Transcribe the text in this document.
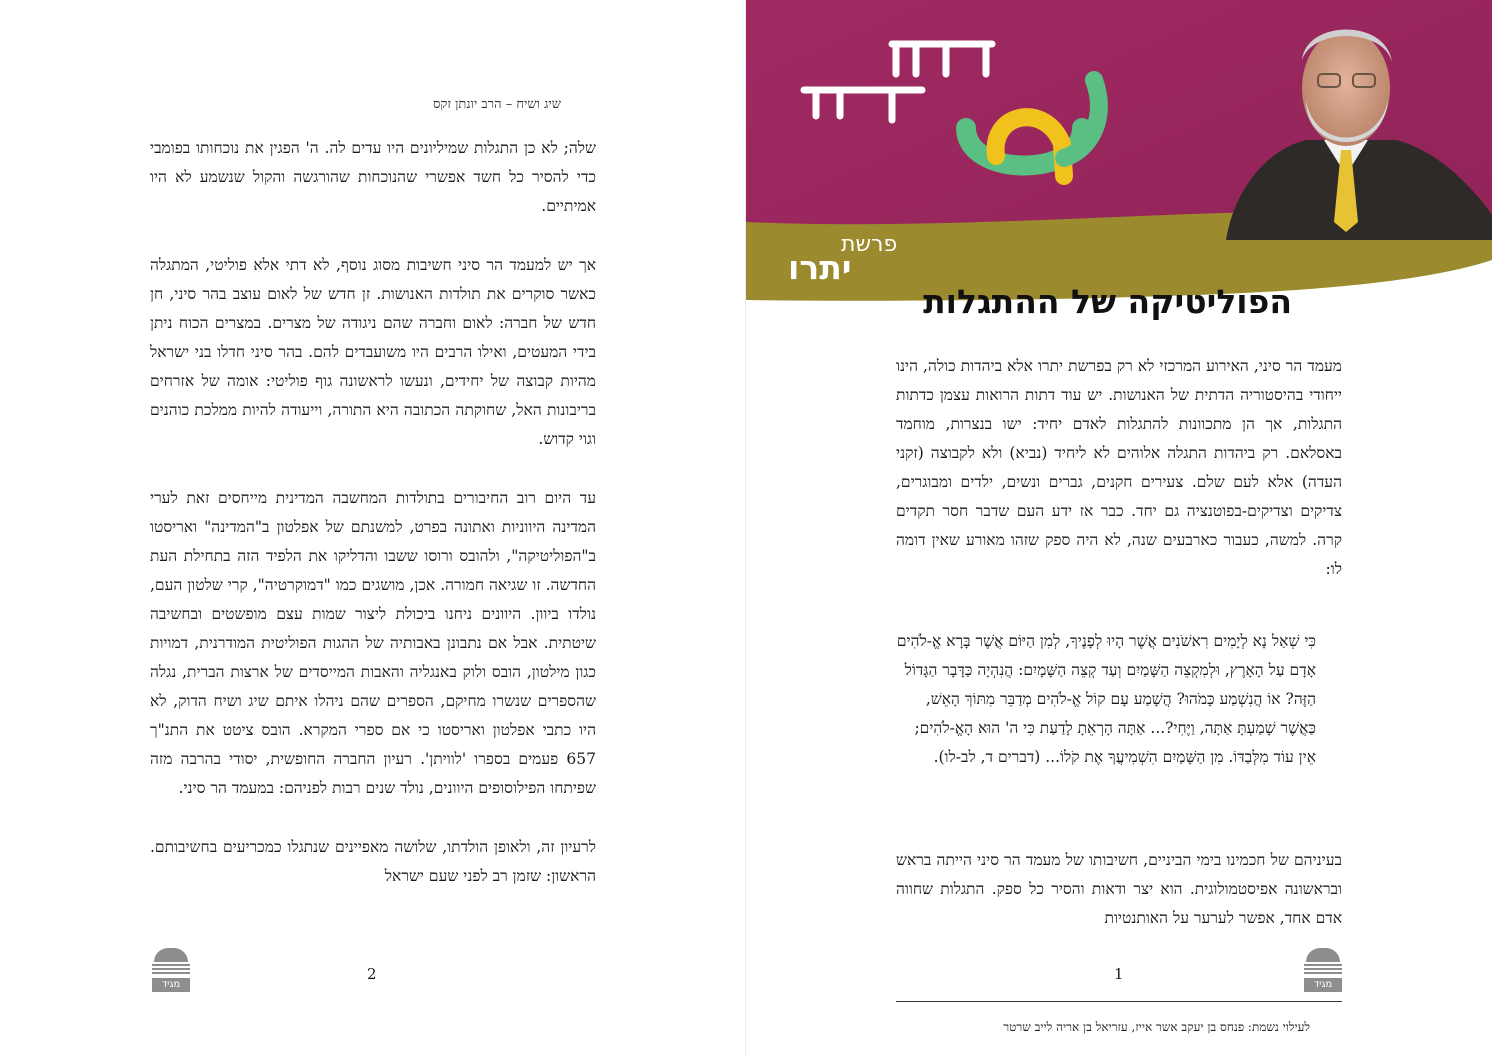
שיג ושיח – הרב יונתן זקס

שלה; לא כן התגלות שמיליונים היו עדים לה. ה' הפגין את נוכחותו בפומבי כדי להסיר כל חשד אפשרי שהנוכחות שהורגשה והקול שנשמע לא היו אמיתיים.

אך יש למעמד הר סיני חשיבות מסוג נוסף, לא דתי אלא פוליטי, המתגלה כאשר סוקרים את תולדות האנושות. זן חדש של לאום עוצב בהר סיני, חן חדש של חברה: לאום וחברה שהם ניגודה של מצרים. במצרים הכוח ניתן בידי המעטים, ואילו הרבים היו משועבדים להם. בהר סיני חדלו בני ישראל מהיות קבוצה של יחידים, ונעשו לראשונה גוף פוליטי: אומה של אזרחים בריבונות האל, שחוקתה הכתובה היא התורה, וייעודה להיות ממלכת כוהנים וגוי קדוש.

עד היום רוב החיבורים בתולדות המחשבה המדינית מייחסים זאת לערי המדינה היווניות ואתונה בפרט, למשנתם של אפלטון ב"המדינה" ואריסטו ב"הפוליטיקה", ולהובס ורוסו ששבו והדליקו את הלפיד הזה בתחילת העת החדשה. זו שגיאה חמורה. אכן, מושגים כמו "דמוקרטיה", קרי שלטון העם, נולדו ביוון. היוונים ניחנו ביכולת ליצור שמות עצם מופשטים ובחשיבה שיטתית. אבל אם נתבונן באבותיה של ההגות הפוליטית המודרנית, דמויות כגון מילטון, הובס ולוק באנגליה והאבות המייסדים של ארצות הברית, נגלה שהספרים שנשרו מחיקם, הספרים שהם ניהלו איתם שיג ושיח הדוק, לא היו כתבי אפלטון ואריסטו כי אם ספרי המקרא. הובס ציטט את התנ"ך 657 פעמים בספרו 'לוויתן'. רעיון החברה החופשית, יסודי בהרבה מזה שפיתחו הפילוסופים היוונים, נולד שנים רבות לפניהם: במעמד הר סיני.

לרעיון זה, ולאופן הולדתו, שלושה מאפיינים שנתגלו כמכריעים בחשיבותם. הראשון: שזמן רב לפני שעם ישראל

מגיד
2
פרשת
יתרו
הפוליטיקה של ההתגלות

מעמד הר סיני, האירוע המרכזי לא רק בפרשת יתרו אלא ביהדות כולה, הינו ייחודי בהיסטוריה הדתית של האנושות. יש עוד דתות הרואות עצמן כדתות התגלות, אך הן מתכוונות להתגלות לאדם יחיד: ישו בנצרות, מוחמד באסלאם. רק ביהדות התגלה אלוהים לא ליחיד (נביא) ולא לקבוצה (זקני העדה) אלא לעם שלם. צעירים חקנים, גברים ונשים, ילדים ומבוגרים, צדיקים וצדיקים-בפוטנציה גם יחד. כבר אז ידע העם שדבר חסר תקדים קרה. למשה, כעבור כארבעים שנה, לא היה ספק שזהו מאורע שאין דומה לו:

כִּי שְׁאַל נָא לְיָמִים רִאשֹׁנִים אֲשֶׁר הָיוּ לְפָנֶיךָ, לְמִן הַיּוֹם אֲשֶׁר בָּרָא אֱ-לֹהִים אָדָם עַל הָאָרֶץ, וּלְמִקְצֵה הַשָּׁמַיִם וְעַד קְצֵה הַשָּׁמָיִם: הֲנִהְיָה כַּדָּבָר הַגָּדוֹל הַזֶּה? אוֹ הֲנִשְׁמַע כָּמֹהוּ? הֲשָׁמַע עָם קוֹל אֱ-לֹהִים מְדַבֵּר מִתּוֹךְ הָאֵשׁ, כַּאֲשֶׁר שָׁמַעְתָּ אַתָּה, וַיֶּחִי?... אַתָּה הָרְאֵתָ לָדַעַת כִּי ה' הוּא הָאֱ-לֹהִים; אֵין עוֹד מִלְּבַדּוֹ. מִן הַשָּׁמַיִם הִשְׁמִיעֲךָ אֶת קֹלוֹ... (דברים ד, לב-לו).
בעיניהם של חכמינו בימי הביניים, חשיבותו של מעמד הר סיני הייתה בראש ובראשונה אפיסטמולוגית. הוא יצר ודאות והסיר כל ספק. התגלות שחווה אדם אחד, אפשר לערער על האותנטיות
1
מגיד
לעילוי נשמת: פנחס בן יעקב אשר אייז, עזריאל בן אריה לייב שרטר
